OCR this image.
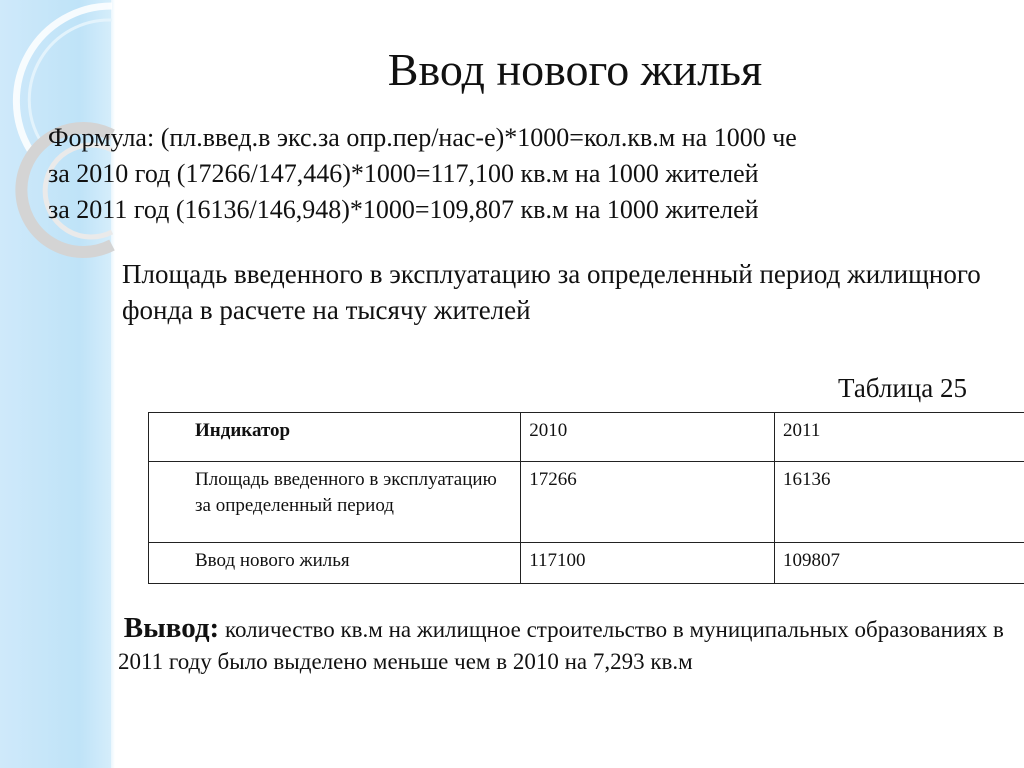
Ввод нового жилья
Формула: (пл.введ.в экс.за опр.пер/нас-е)*1000=кол.кв.м на 1000 че
за 2010 год (17266/147,446)*1000=117,100 кв.м на 1000 жителей
за 2011 год (16136/146,948)*1000=109,807 кв.м на 1000 жителей
Площадь введенного в эксплуатацию за определенный период жилищного фонда в расчете на тысячу жителей
Таблица 25
Индикатор	2010	2011
Площадь введенного в эксплуатацию за определенный период	17266	16136
Ввод нового жилья	117100	109807
Вывод: количество кв.м на жилищное строительство в муниципальных образованиях в 2011 году было выделено меньше чем в 2010 на 7,293 кв.м
